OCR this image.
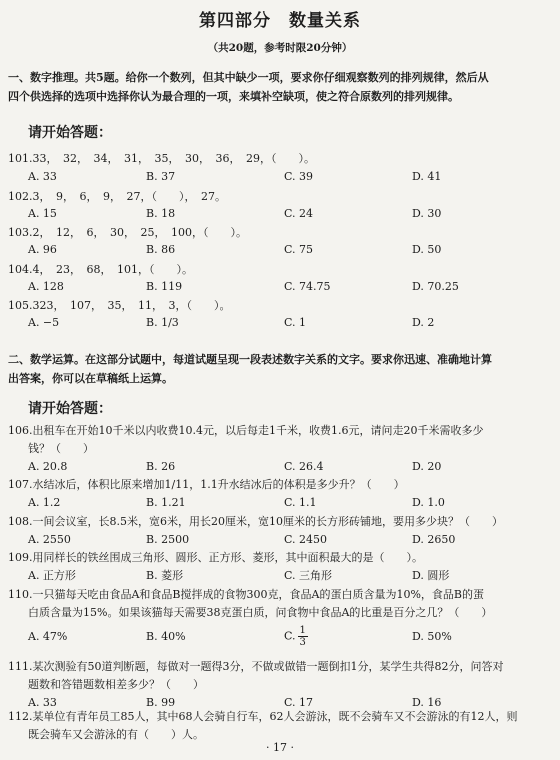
第四部分　数量关系
（共20题，参考时限20分钟）
一、数字推理。共5题。给你一个数列，但其中缺少一项，要求你仔细观察数列的排列规律，然后从
四个供选择的选项中选择你认为最合理的一项，来填补空缺项，使之符合原数列的排列规律。
请开始答题：
101.33，　32，　34，　31，　35，　30，　36，　29，（　　）。
A. 33	B. 37	C. 39	D. 41
102.3，　9，　6，　9，　27，（　　），　27。
A. 15	B. 18	C. 24	D. 30
103.2，　12，　6，　30，　25，　100，（　　）。
A. 96	B. 86	C. 75	D. 50
104.4，　23，　68，　101，（　　）。
A. 128	B. 119	C. 74.75	D. 70.25
105.323，　107，　35，　11，　3，（　　）。
A. −5	B. 1/3	C. 1	D. 2
二、数学运算。在这部分试题中，每道试题呈现一段表述数字关系的文字。要求你迅速、准确地计算
出答案，你可以在草稿纸上运算。
请开始答题：
106.出租车在开始10千米以内收费10.4元，以后每走1千米，收费1.6元，请问走20千米需收多少
钱？（　　）
A. 20.8	B. 26	C. 26.4	D. 20
107.水结冰后，体积比原来增加1/11，1.1升水结冰后的体积是多少升？（　　）
A. 1.2	B. 1.21	C. 1.1	D. 1.0
108.一间会议室，长8.5米，宽6米，用长20厘米，宽10厘米的长方形砖铺地，要用多少块？（　　）
A. 2550	B. 2500	C. 2450	D. 2650
109.用同样长的铁丝围成三角形、圆形、正方形、菱形，其中面积最大的是（　　）。
A. 正方形	B. 菱形	C. 三角形	D. 圆形
110.一只猫每天吃由食品A和食品B搅拌成的食物300克，食品A的蛋白质含量为10%，食品B的蛋
白质含量为15%。如果该猫每天需要38克蛋白质，问食物中食品A的比重是百分之几？（　　）
A. 47%	B. 40%	C. $\frac{1}{3}$	D. 50%
111.某次测验有50道判断题，每做对一题得3分，不做或做错一题倒扣1分，某学生共得82分，问答对
题数和答错题数相差多少？（　　）
A. 33	B. 99	C. 17	D. 16
112.某单位有青年员工85人，其中68人会骑自行车，62人会游泳，既不会骑车又不会游泳的有12人，则
既会骑车又会游泳的有（　　）人。
· 17 ·
